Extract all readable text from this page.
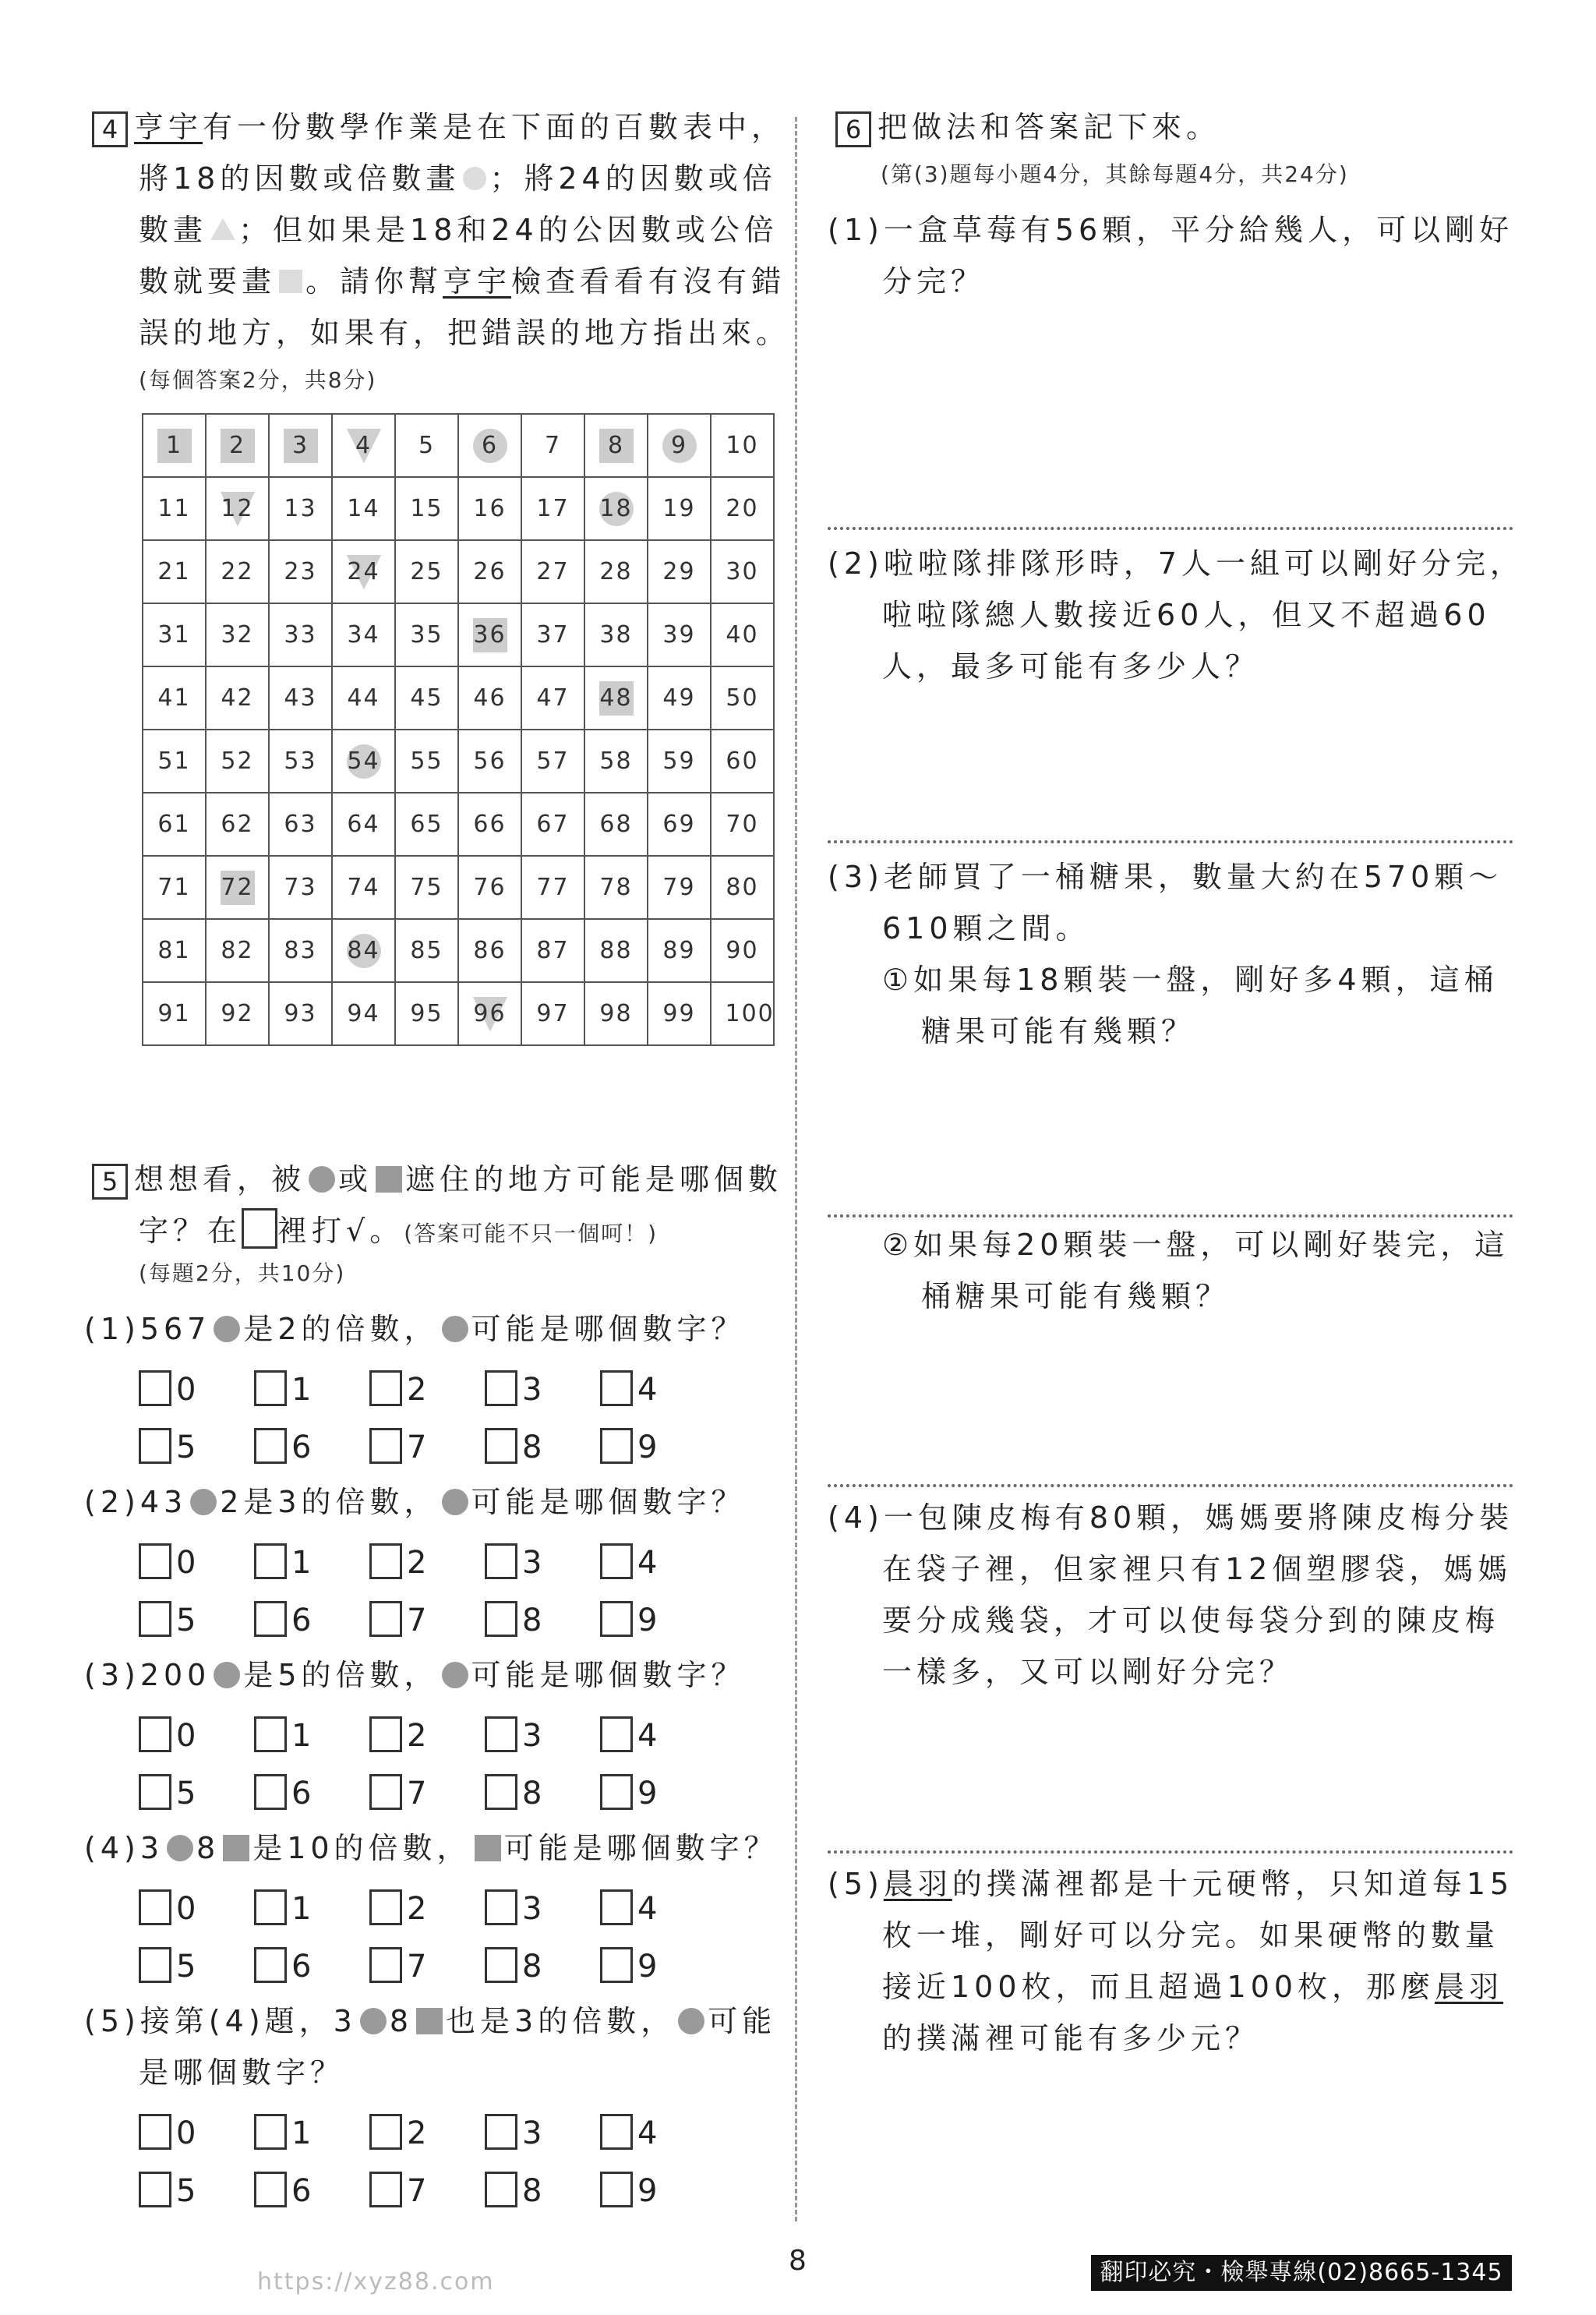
4 亨宇有一份數學作業是在下面的百數表中，
將18的因數或倍數畫 ；將24的因數或倍
數畫 ；但如果是18和24的公因數或公倍
數就要畫 。請你幫亨宇檢查看看有沒有錯
誤的地方，如果有，把錯誤的地方指出來。
(每個答案2分，共8分)
1	2	3	4	5	6	7	8	9	10
11	12	13	14	15	16	17	18	19	20
21	22	23	24	25	26	27	28	29	30
31	32	33	34	35	36	37	38	39	40
41	42	43	44	45	46	47	48	49	50
51	52	53	54	55	56	57	58	59	60
61	62	63	64	65	66	67	68	69	70
71	72	73	74	75	76	77	78	79	80
81	82	83	84	85	86	87	88	89	90
91	92	93	94	95	96	97	98	99	100
5 想想看，被 或 遮住的地方可能是哪個數
字？在 裡打√。(答案可能不只一個呵！)
(每題2分，共10分)
(1)567 是2的倍數， 可能是哪個數字？
0	1	2	3	4
5	6	7	8	9
(2)43 2是3的倍數， 可能是哪個數字？
0	1	2	3	4
5	6	7	8	9
(3)200 是5的倍數， 可能是哪個數字？
0	1	2	3	4
5	6	7	8	9
(4)3 8 是10的倍數， 可能是哪個數字？
0	1	2	3	4
5	6	7	8	9
(5)接第(4)題，3 8 也是3的倍數， 可能
是哪個數字？
0	1	2	3	4
5	6	7	8	9
6 把做法和答案記下來。
(第(3)題每小題4分，其餘每題4分，共24分)
(1)一盒草莓有56顆，平分給幾人，可以剛好
分完？
(2)啦啦隊排隊形時，7人一組可以剛好分完，
啦啦隊總人數接近60人，但又不超過60
人，最多可能有多少人？
(3)老師買了一桶糖果，數量大約在570顆～
610顆之間。
①如果每18顆裝一盤，剛好多4顆，這桶
糖果可能有幾顆？
②如果每20顆裝一盤，可以剛好裝完，這
桶糖果可能有幾顆？
(4)一包陳皮梅有80顆，媽媽要將陳皮梅分裝
在袋子裡，但家裡只有12個塑膠袋，媽媽
要分成幾袋，才可以使每袋分到的陳皮梅
一樣多，又可以剛好分完？
(5)晨羽的撲滿裡都是十元硬幣，只知道每15
枚一堆，剛好可以分完。如果硬幣的數量
接近100枚，而且超過100枚，那麼晨羽
的撲滿裡可能有多少元？
8
https://xyz88.com	翻印必究・檢舉專線(02)8665-1345
